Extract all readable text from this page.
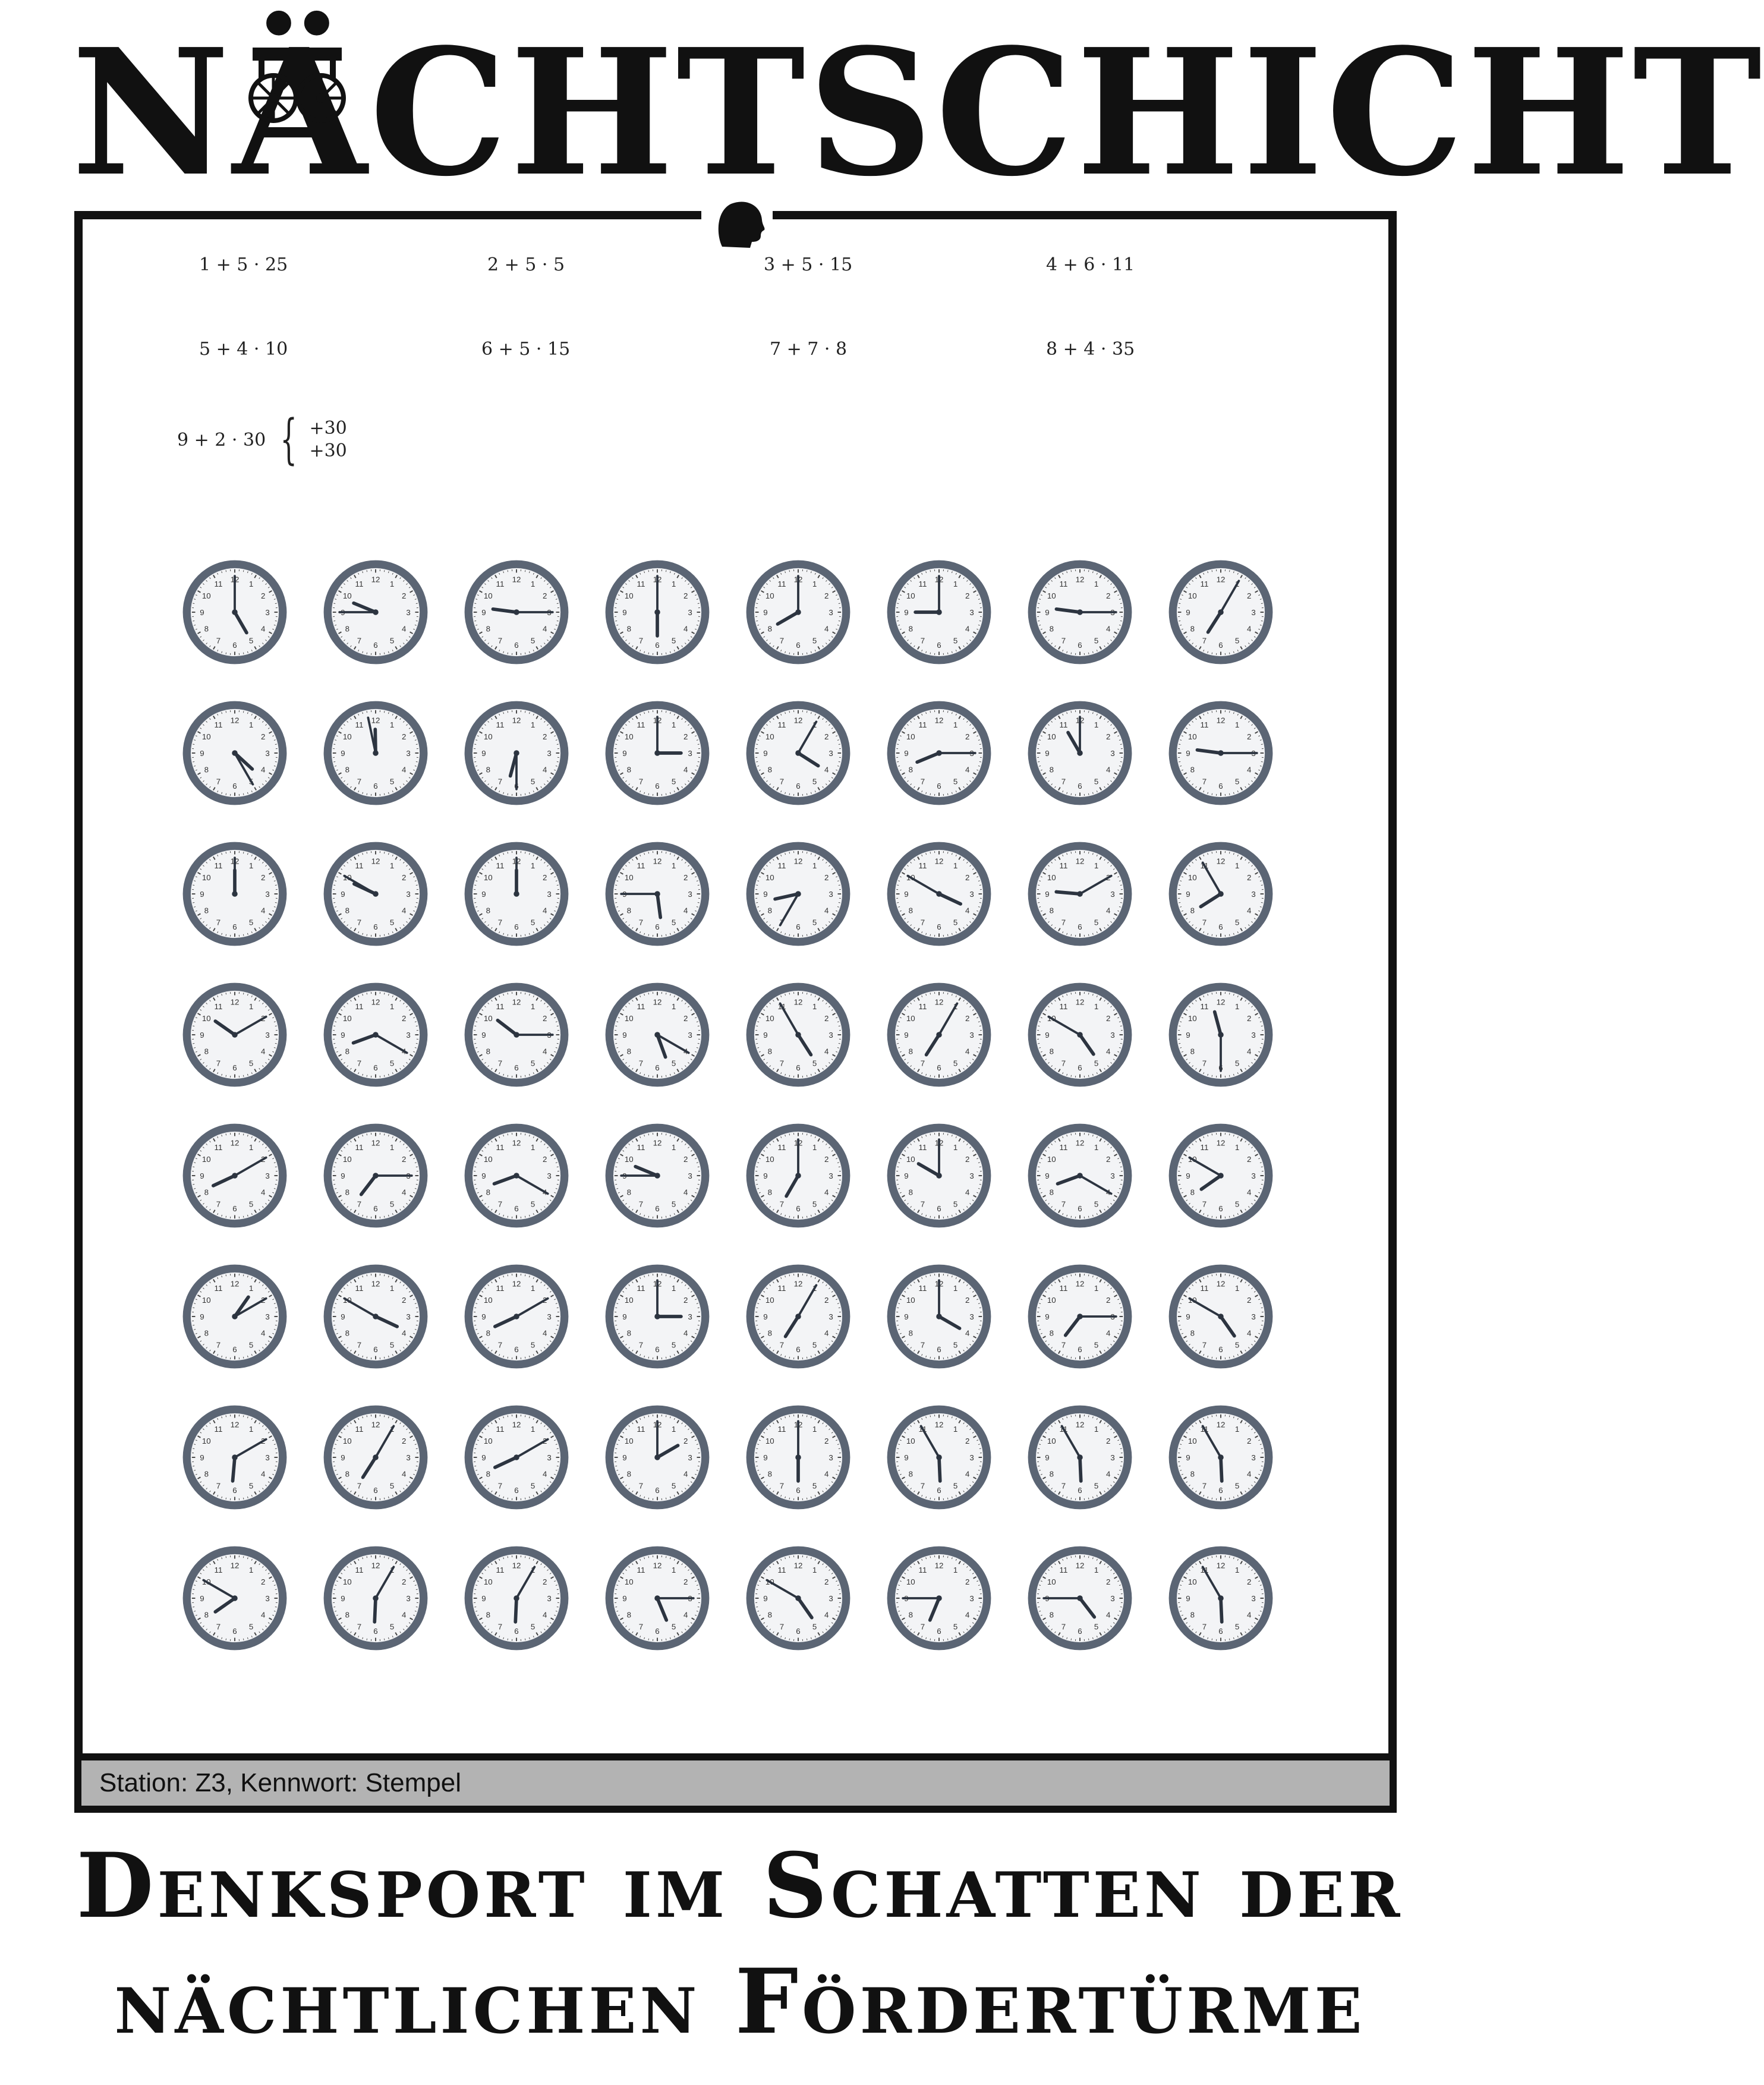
NÄCHTSCHICHT
1 + 5 · 25	2 + 5 · 5	3 + 5 · 15	4 + 6 · 11
5 + 4 · 10	6 + 5 · 15	7 + 7 · 8	8 + 4 · 35
9 + 2 · 30 { +30
+30
1
2
3
4
5
6
7
8
9
10
11	1
2
3
4
5
6
7
8
10
11 12	1
2
4
5
6
7
8
9
10
11 12	1
2
3
4
5
6
7
8
9
10
11	1
2
3
4
5
6
7
8
9
10
11	1
2
3
4
5
6
7
8
9
10
11	1
2
4
5
6
7
8
9
10
11 12
2
3
4
5
6
7
8
9
10
11 12
1
2
3
4
6
7
8
9
10
11 12	1
2
3
4
5
6
7
8
9
10
11 12	1
2
3
4
5
7
8
9
10
11 12	1
2
3
4
5
6
7
8
9
10
11
2
3
4
5
6
7
8
9
10
11 12	1
2
4
5
6
7
8
9
10
11 12	1
2
3
4
5
6
7
8
9
10
11	1
2
4
5
6
7
8
9
10
11 12
1
2
3
4
5
6
7
8
9
10
11	1
2
3
4
5
6
7
8
9
11 12	1
2
3
4
5
6
7
8
9
10
11	1
2
3
4
5
6
7
8
10
11 12	1
2
3
4
5
6
8
9
10
11 12	1
2
3
4
5
6
7
8
9
11 12	1
3
4
5
6
7
8
9
10
11 12	1
2
3
4
5
6
7
8
9
10
12
1
3
4
5
6
7
8
9
10
11 12	1
2
3
5
6
7
8
9
10
11 12	1
2
4
5
6
7
8
9
10
11 12	1
2
3
5
6
7
8
9
10
11 12	1
2
3
4
5
6
7
8
9
10
12
2
3
4
5
6
7
8
9
10
11 12	1
2
3
4
5
6
7
8
9
11 12	1
2
3
4
5
7
8
9
10
11 12
1
3
4
5
6
7
8
9
10
11 12	1
2
4
5
6
7
8
9
10
11 12	1
2
3
5
6
7
8
9
10
11 12	1
2
3
4
5
6
7
8
10
11 12	1
2
3
4
5
6
7
8
9
10
11	1
2
3
4
5
6
7
8
9
10
11	1
2
3
5
6
7
8
9
10
11 12	1
2
3
4
5
6
7
8
9
11 12
1
3
4
5
6
7
8
9
10
11 12	1
2
3
4
5
6
7
8
9
11 12	1
3
4
5
6
7
8
9
10
11 12	1
2
3
4
5
6
7
8
9
10
11
2
3
4
5
6
7
8
9
10
11 12	1
2
3
4
5
6
7
8
9
10
11	1
2
4
5
6
7
8
9
10
11 12	1
2
3
4
5
6
7
8
9
11 12
1
3
4
5
6
7
8
9
10
11 12
2
3
4
5
6
7
8
9
10
11 12	1
3
4
5
6
7
8
9
10
11 12	1
2
3
4
5
6
7
8
9
10
11	1
2
3
4
5
6
7
8
9
10
11	1
2
3
4
5
6
7
8
9
10
12	1
2
3
4
5
6
7
8
9
10
12	1
2
3
4
5
6
7
8
9
10
12
1
2
3
4
5
6
7
8
9
11 12
2
3
4
5
6
7
8
9
10
11 12
2
3
4
5
6
7
8
9
10
11 12	1
2
4
5
6
7
8
9
10
11 12	1
2
3
4
5
6
7
8
9
11 12	1
2
3
4
5
6
7
8
10
11 12	1
2
3
4
5
6
7
8
10
11 12	1
2
3
4
5
6
7
8
9
10
12
Station: Z3, Kennwort: Stempel
Denksport im Schatten der
nächtlichen Fördertürme
